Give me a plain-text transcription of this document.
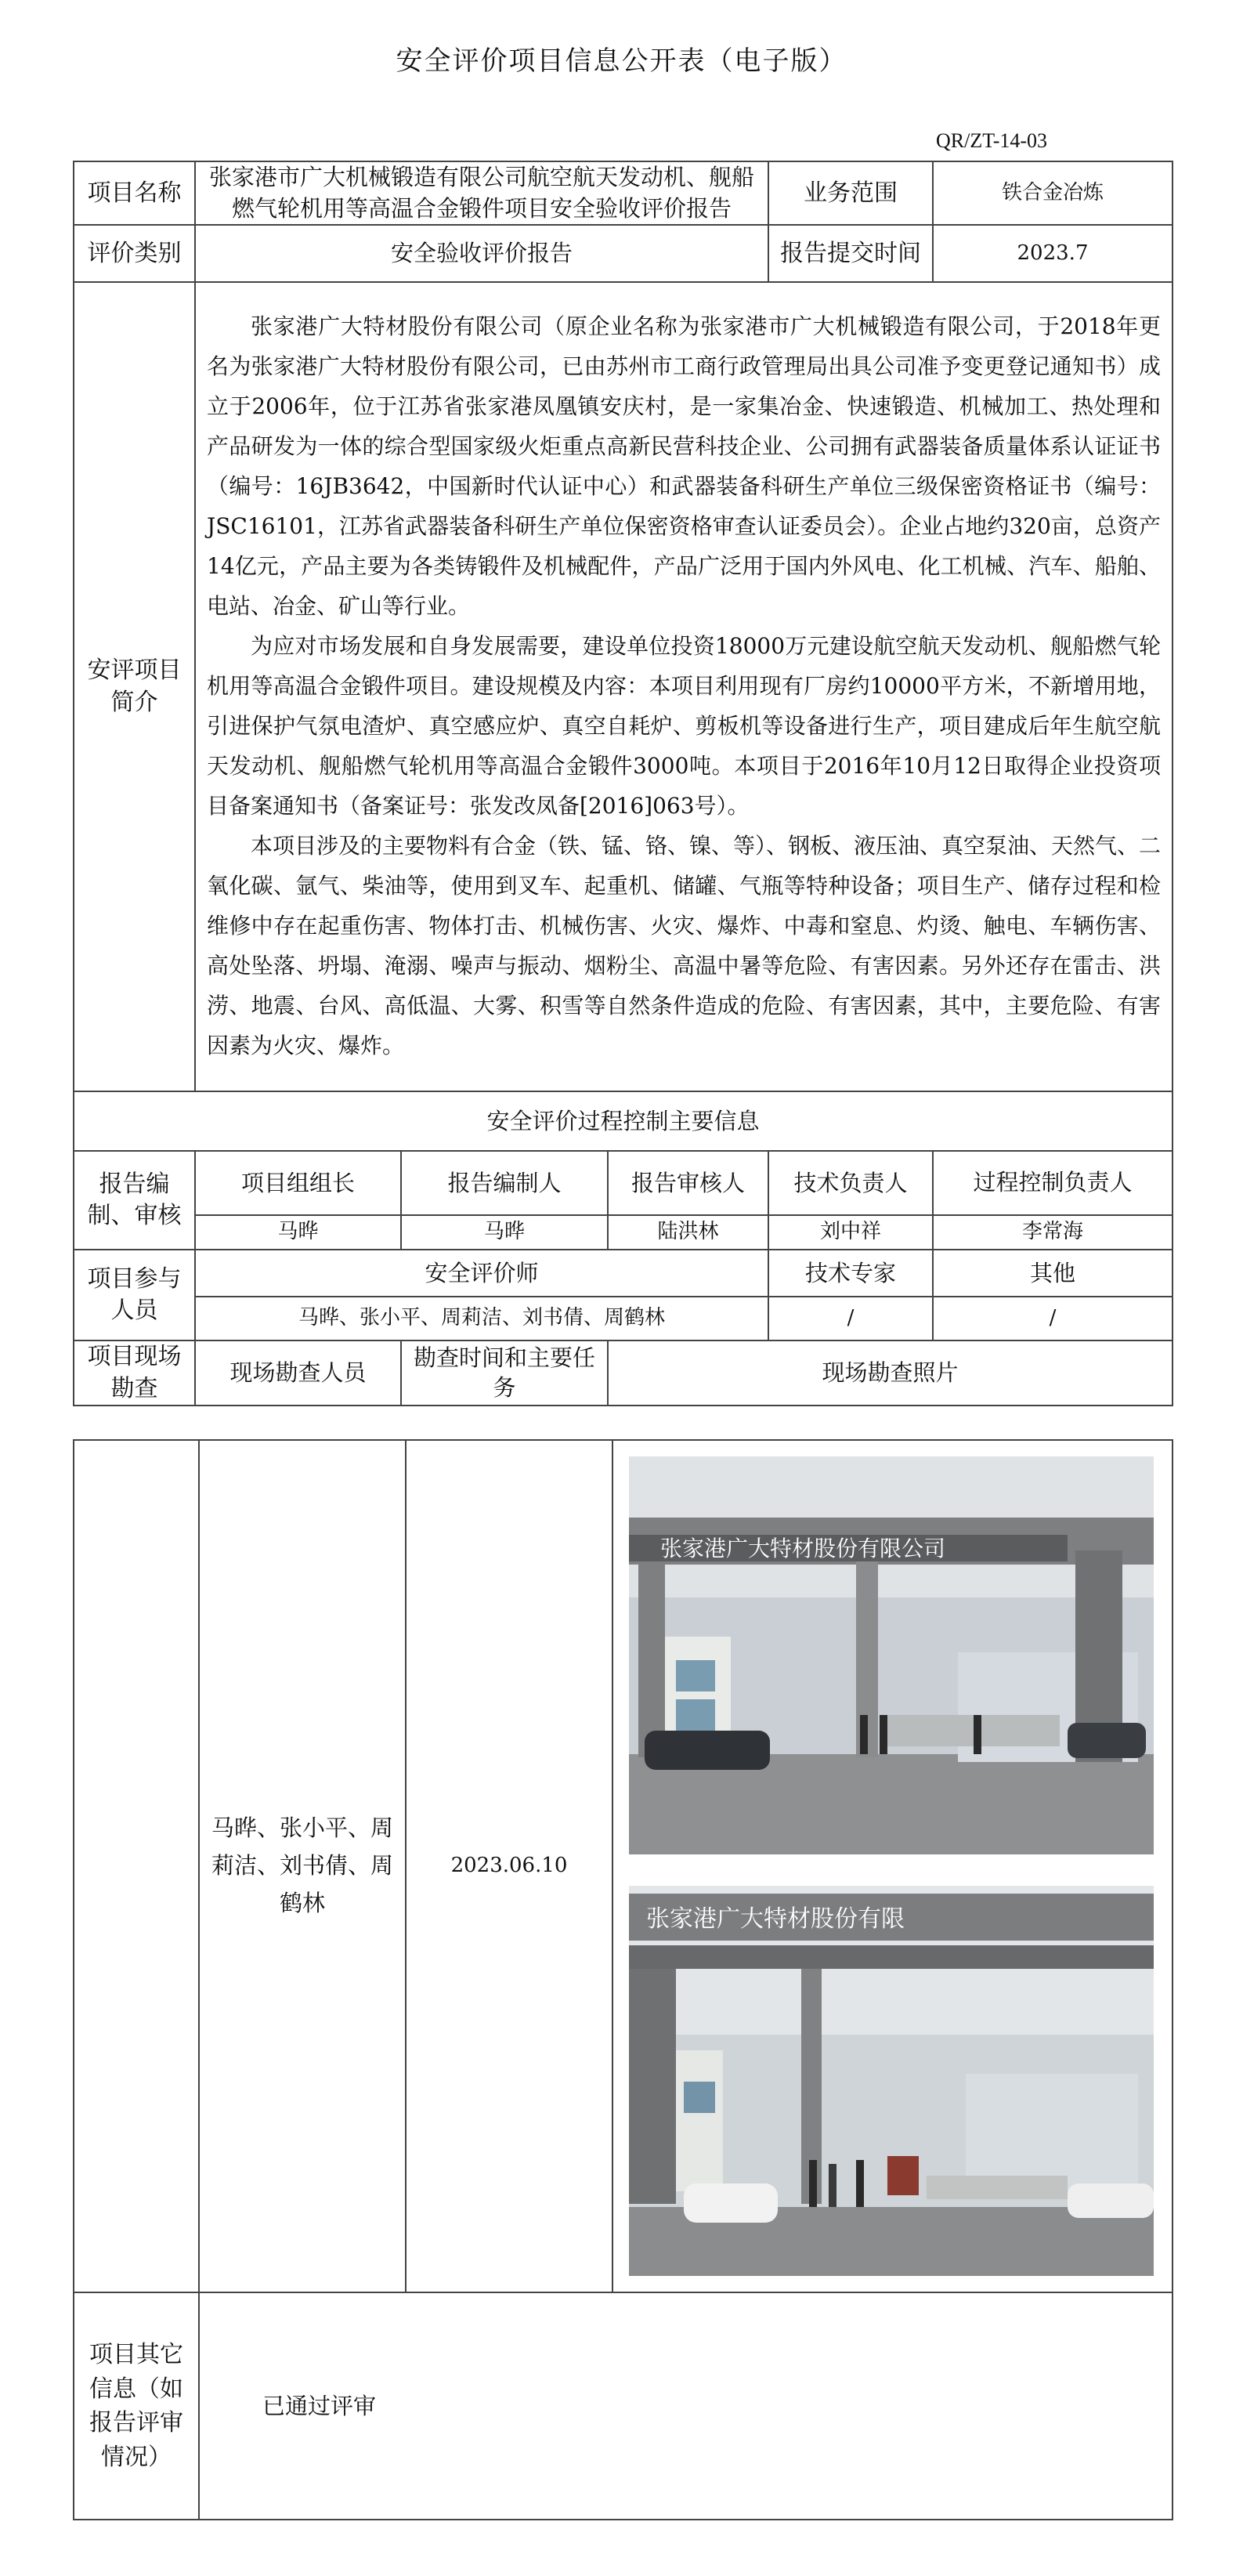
安全评价项目信息公开表（电子版）
QR/ZT-14-03
项目名称	张家港市广大机械锻造有限公司航空航天发动机、舰船燃气轮机用等高温合金锻件项目安全验收评价报告			业务范围	铁合金冶炼
评价类别	安全验收评价报告			报告提交时间	2023.7
安评项目简介	张家港广大特材股份有限公司（原企业名称为张家港市广大机械锻造有限公司，于2018年更名为张家港广大特材股份有限公司，已由苏州市工商行政管理局出具公司准予变更登记通知书）成立于2006年，位于江苏省张家港凤凰镇安庆村，是一家集冶金、快速锻造、机械加工、热处理和产品研发为一体的综合型国家级火炬重点高新民营科技企业、公司拥有武器装备质量体系认证证书（编号：16JB3642，中国新时代认证中心）和武器装备科研生产单位三级保密资格证书（编号：JSC16101，江苏省武器装备科研生产单位保密资格审查认证委员会）。企业占地约320亩，总资产14亿元，产品主要为各类铸锻件及机械配件，产品广泛用于国内外风电、化工机械、汽车、船舶、电站、冶金、矿山等行业。

为应对市场发展和自身发展需要，建设单位投资18000万元建设航空航天发动机、舰船燃气轮机用等高温合金锻件项目。建设规模及内容：本项目利用现有厂房约10000平方米，不新增用地，引进保护气氛电渣炉、真空感应炉、真空自耗炉、剪板机等设备进行生产，项目建成后年生航空航天发动机、舰船燃气轮机用等高温合金锻件3000吨。本项目于2016年10月12日取得企业投资项目备案通知书（备案证号：张发改凤备[2016]063号）。

本项目涉及的主要物料有合金（铁、锰、铬、镍、等）、钢板、液压油、真空泵油、天然气、二氧化碳、氩气、柴油等，使用到叉车、起重机、储罐、气瓶等特种设备；项目生产、储存过程和检维修中存在起重伤害、物体打击、机械伤害、火灾、爆炸、中毒和窒息、灼烫、触电、车辆伤害、高处坠落、坍塌、淹溺、噪声与振动、烟粉尘、高温中暑等危险、有害因素。另外还存在雷击、洪涝、地震、台风、高低温、大雾、积雪等自然条件造成的危险、有害因素，其中，主要危险、有害因素为火灾、爆炸。				

安全评价过程控制主要信息					
报告编制、审核	项目组组长	报告编制人	报告审核人	技术负责人	过程控制负责人
	马晔	马晔	陆洪林	刘中祥	李常海
项目参与人员	安全评价师			技术专家	其他
	马晔、张小平、周莉洁、刘书倩、周鹤林			/	/
项目现场勘查	现场勘查人员	勘查时间和主要任务	现场勘查照片		
	马晔、张小平、周莉洁、刘书倩、周鹤林	2023.06.10	张家港广大特材股份有限公司
张家港广大特材股份有限

项目其它信息（如报告评审情况）	已通过评审		
